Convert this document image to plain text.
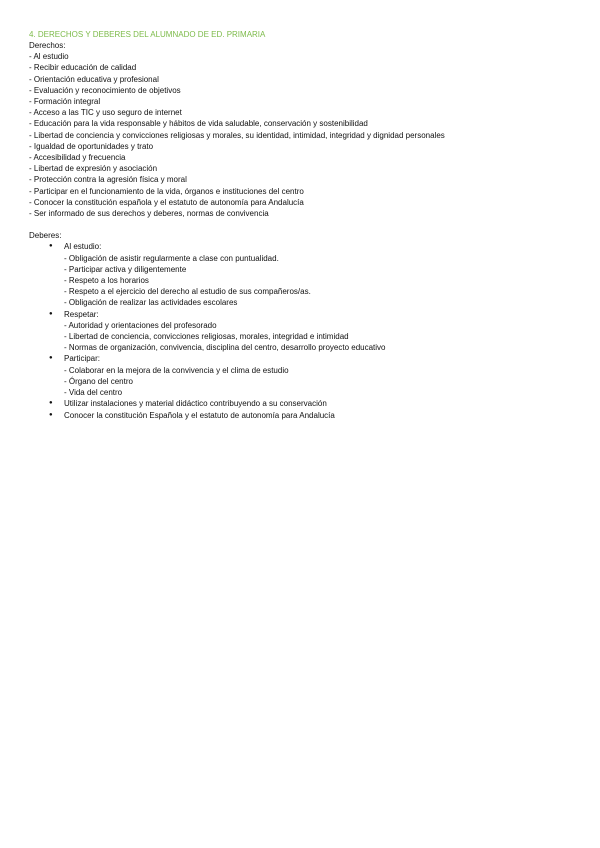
4. DERECHOS Y DEBERES DEL ALUMNADO DE ED. PRIMARIA
Derechos:
- Al estudio
- Recibir educación de calidad
- Orientación educativa y profesional
- Evaluación y reconocimiento de objetivos
- Formación integral
- Acceso a las TIC y uso seguro de internet
- Educación para la vida responsable y hábitos de vida saludable, conservación y sostenibilidad
- Libertad de conciencia y convicciones religiosas y morales, su identidad, intimidad, integridad y dignidad personales
- Igualdad de oportunidades y trato
- Accesibilidad y frecuencia
- Libertad de expresión y asociación
- Protección contra la agresión física y moral
- Participar en el funcionamiento de la vida, órganos e instituciones del centro
- Conocer la constitución española y el estatuto de autonomía para Andalucía
- Ser informado de sus derechos y deberes, normas de convivencia
Deberes:
● Al estudio:
- Obligación de asistir regularmente a clase con puntualidad.
- Participar activa y diligentemente
- Respeto a los horarios
- Respeto a el ejercicio del derecho al estudio de sus compañeros/as.
- Obligación de realizar las actividades escolares
● Respetar:
- Autoridad y orientaciones del profesorado
- Libertad de conciencia, convicciones religiosas, morales, integridad e intimidad
- Normas de organización, convivencia, disciplina del centro, desarrollo proyecto educativo
● Participar:
- Colaborar en la mejora de la convivencia y el clima de estudio
- Órgano del centro
- Vida del centro
● Utilizar instalaciones y material didáctico contribuyendo a su conservación
● Conocer la constitución Española y el estatuto de autonomía para Andalucía
